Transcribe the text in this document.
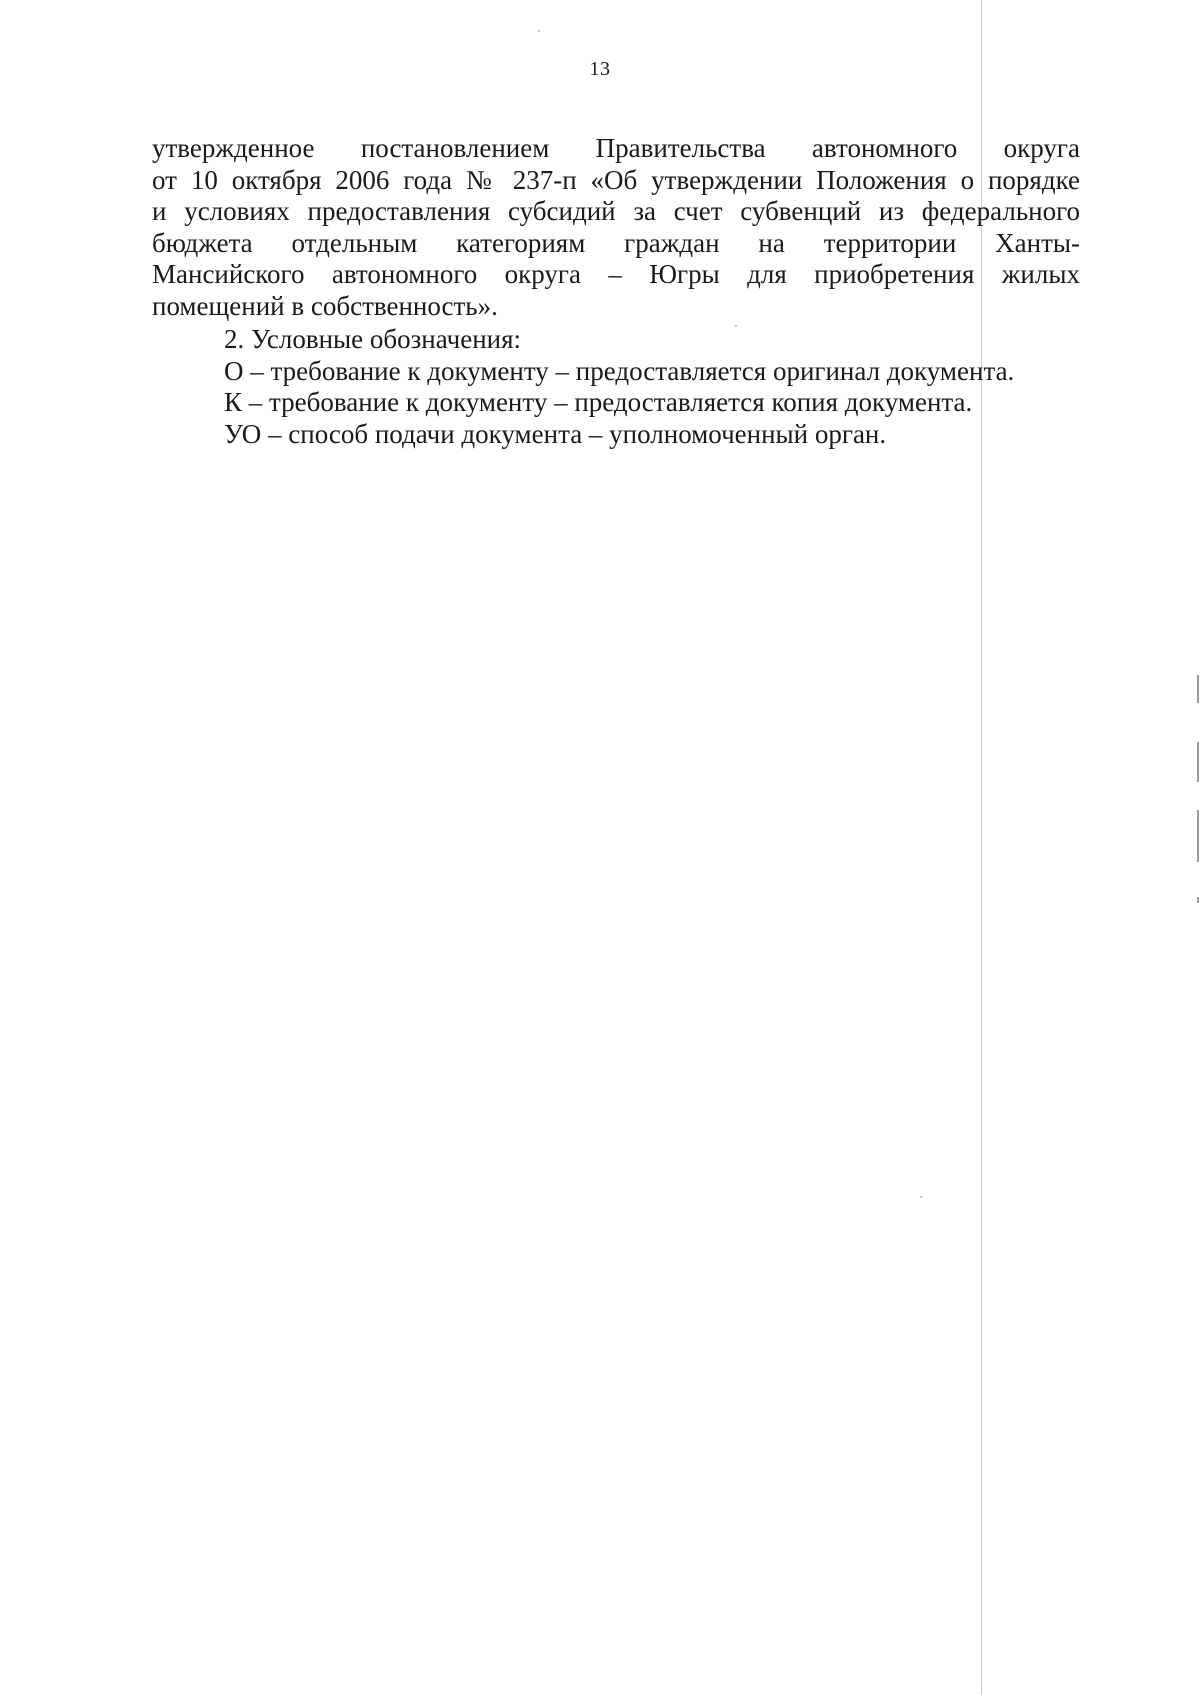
13

утвержденное постановлением Правительства автономного округа
от 10 октября 2006 года № 237-п «Об утверждении Положения о порядке
и условиях предоставления субсидий за счет субвенций из федерального
бюджета отдельным категориям граждан на территории Ханты-
Мансийского автономного округа – Югры для приобретения жилых
помещений в собственность».

2. Условные обозначения:

О – требование к документу – предоставляется оригинал документа.

К – требование к документу – предоставляется копия документа.

УО – способ подачи документа – уполномоченный орган.
